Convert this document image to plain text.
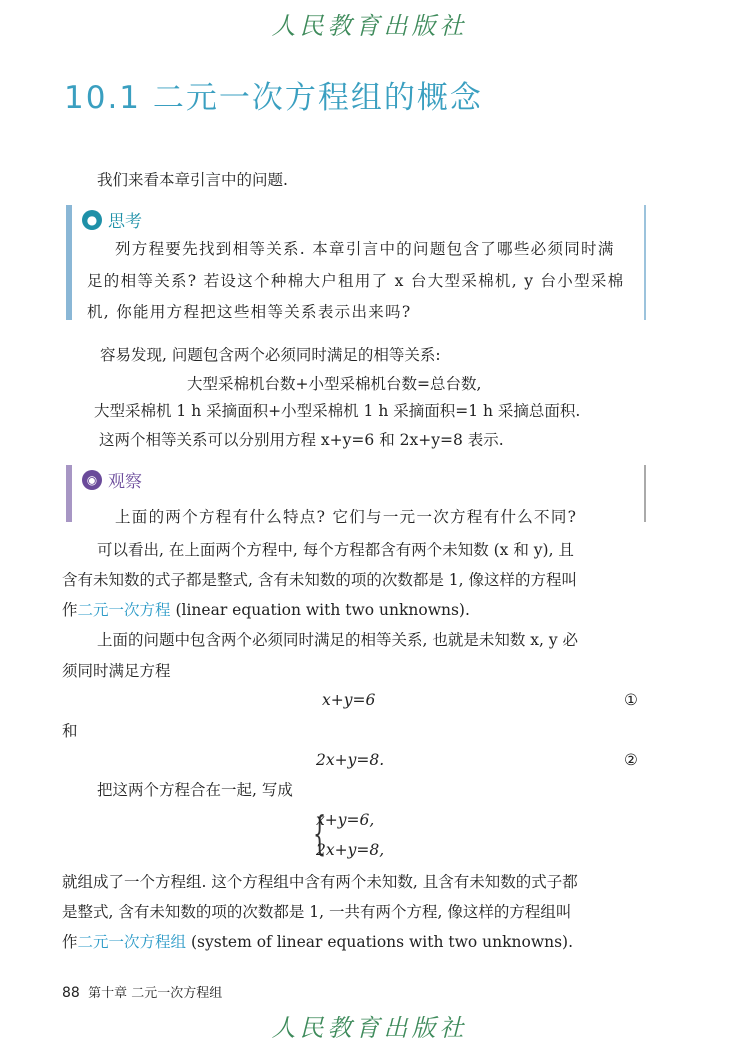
人民教育出版社
10.1 二元一次方程组的概念
我们来看本章引言中的问题.
● 思考
列方程要先找到相等关系. 本章引言中的问题包含了哪些必须同时满
足的相等关系? 若设这个种棉大户租用了 x 台大型采棉机, y 台小型采棉
机, 你能用方程把这些相等关系表示出来吗?
容易发现, 问题包含两个必须同时满足的相等关系:
大型采棉机台数+小型采棉机台数=总台数,
大型采棉机 1 h 采摘面积+小型采棉机 1 h 采摘面积=1 h 采摘总面积.
这两个相等关系可以分别用方程 x+y=6 和 2x+y=8 表示.
◉ 观察
上面的两个方程有什么特点? 它们与一元一次方程有什么不同?
可以看出, 在上面两个方程中, 每个方程都含有两个未知数 (x 和 y), 且
含有未知数的式子都是整式, 含有未知数的项的次数都是 1, 像这样的方程叫
作二元一次方程 (linear equation with two unknowns).
上面的问题中包含两个必须同时满足的相等关系, 也就是未知数 x, y 必
须同时满足方程
x+y=6	①
和
2x+y=8.	②
把这两个方程合在一起, 写成
{
x+y=6,
2x+y=8,
就组成了一个方程组. 这个方程组中含有两个未知数, 且含有未知数的式子都
是整式, 含有未知数的项的次数都是 1, 一共有两个方程, 像这样的方程组叫
作二元一次方程组 (system of linear equations with two unknowns).
88 第十章 二元一次方程组
人民教育出版社
